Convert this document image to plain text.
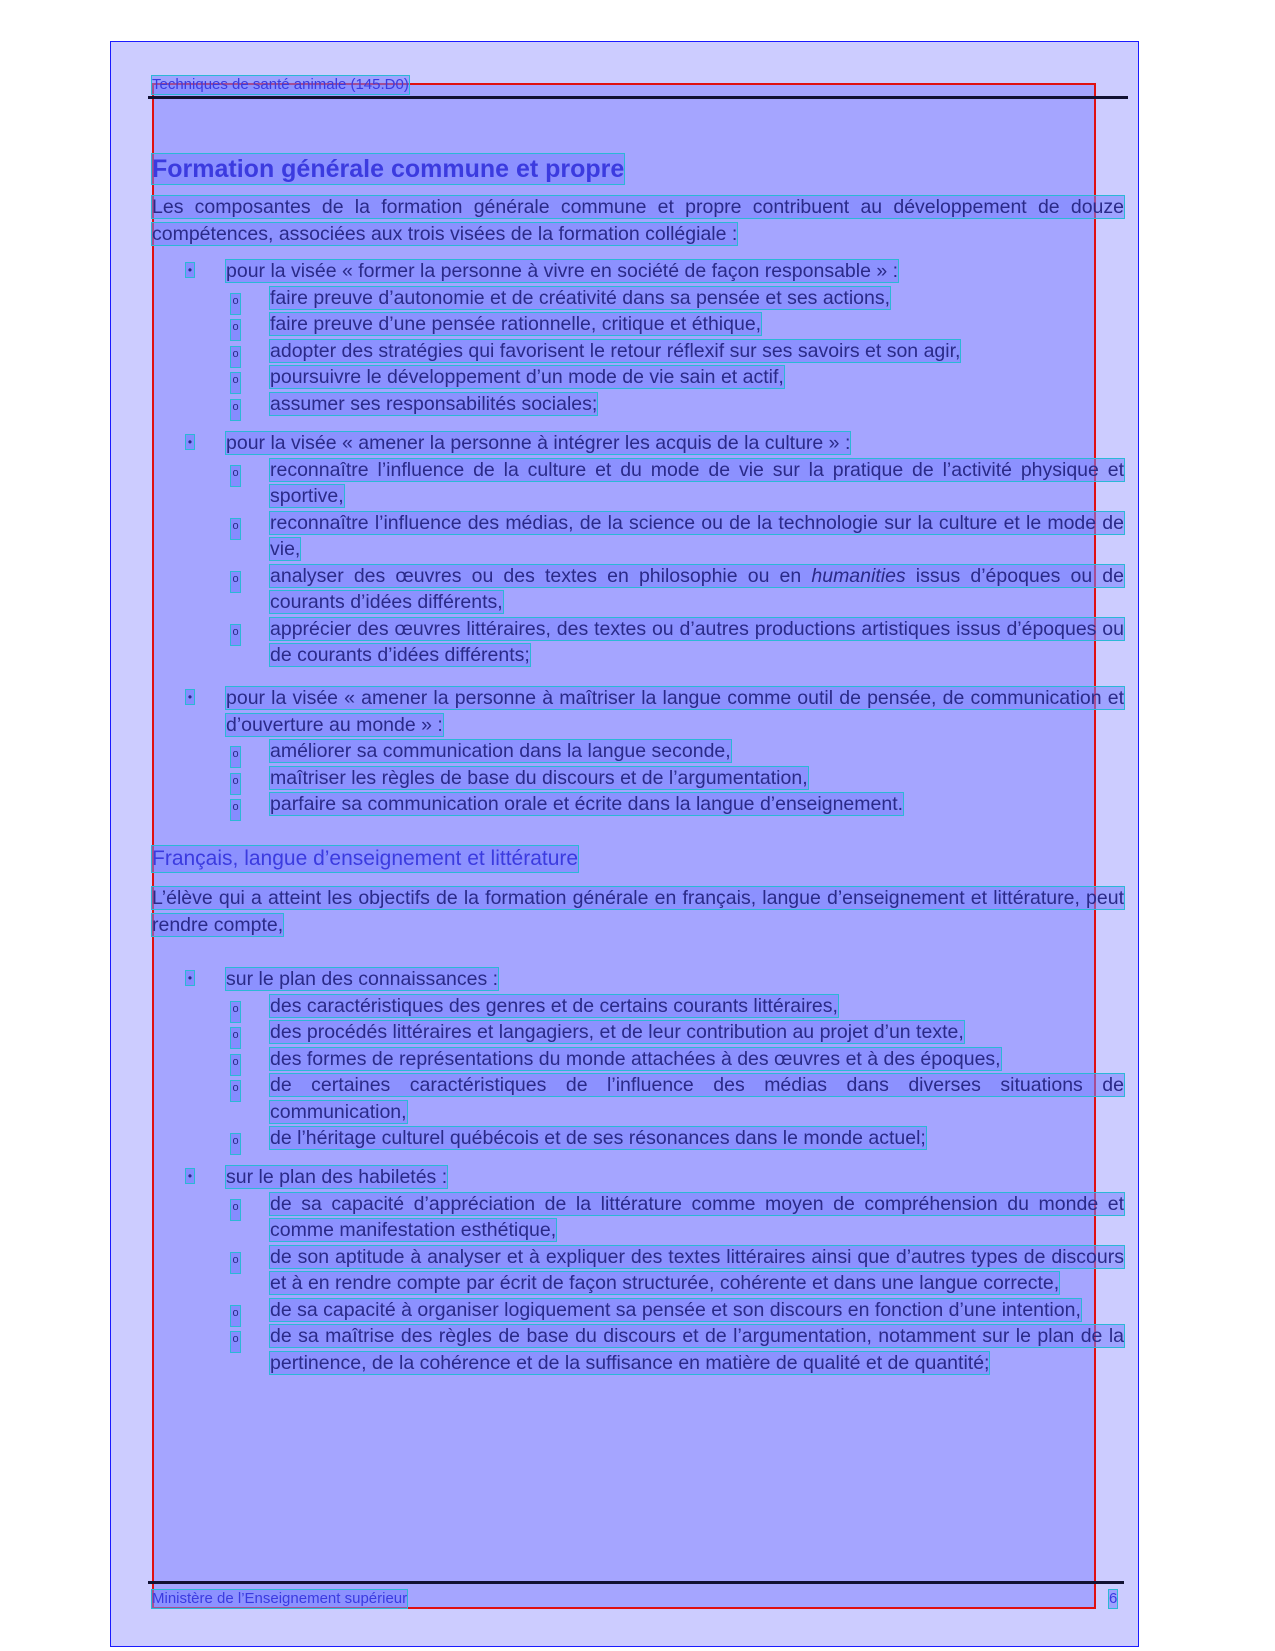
Techniques de santé animale (145.D0)
Formation générale commune et propre
Les composantes de la formation générale commune et propre contribuent au développement de douze compétences, associées aux trois visées de la formation collégiale :
• pour la visée « former la personne à vivre en société de façon responsable » :
o faire preuve d’autonomie et de créativité dans sa pensée et ses actions,
o faire preuve d’une pensée rationnelle, critique et éthique,
o adopter des stratégies qui favorisent le retour réflexif sur ses savoirs et son agir,
o poursuivre le développement d’un mode de vie sain et actif,
o assumer ses responsabilités sociales;
• pour la visée « amener la personne à intégrer les acquis de la culture » :
o reconnaître l’influence de la culture et du mode de vie sur la pratique de l’activité physique et sportive,
o reconnaître l’influence des médias, de la science ou de la technologie sur la culture et le mode de vie,
o analyser des œuvres ou des textes en philosophie ou en humanities issus d’époques ou de courants d’idées différents,
o apprécier des œuvres littéraires, des textes ou d’autres productions artistiques issus d’époques ou de courants d’idées différents;
• pour la visée « amener la personne à maîtriser la langue comme outil de pensée, de communication et d’ouverture au monde » :
o améliorer sa communication dans la langue seconde,
o maîtriser les règles de base du discours et de l’argumentation,
o parfaire sa communication orale et écrite dans la langue d’enseignement.
Français, langue d’enseignement et littérature
L’élève qui a atteint les objectifs de la formation générale en français, langue d’enseignement et littérature, peut rendre compte,
• sur le plan des connaissances :
o des caractéristiques des genres et de certains courants littéraires,
o des procédés littéraires et langagiers, et de leur contribution au projet d’un texte,
o des formes de représentations du monde attachées à des œuvres et à des époques,
o de certaines caractéristiques de l’influence des médias dans diverses situations de communication,
o de l’héritage culturel québécois et de ses résonances dans le monde actuel;
• sur le plan des habiletés :
o de sa capacité d’appréciation de la littérature comme moyen de compréhension du monde et comme manifestation esthétique,
o de son aptitude à analyser et à expliquer des textes littéraires ainsi que d’autres types de discours et à en rendre compte par écrit de façon structurée, cohérente et dans une langue correcte,
o de sa capacité à organiser logiquement sa pensée et son discours en fonction d’une intention,
o de sa maîtrise des règles de base du discours et de l’argumentation, notamment sur le plan de la pertinence, de la cohérence et de la suffisance en matière de qualité et de quantité;
Ministère de l’Enseignement supérieur	6
